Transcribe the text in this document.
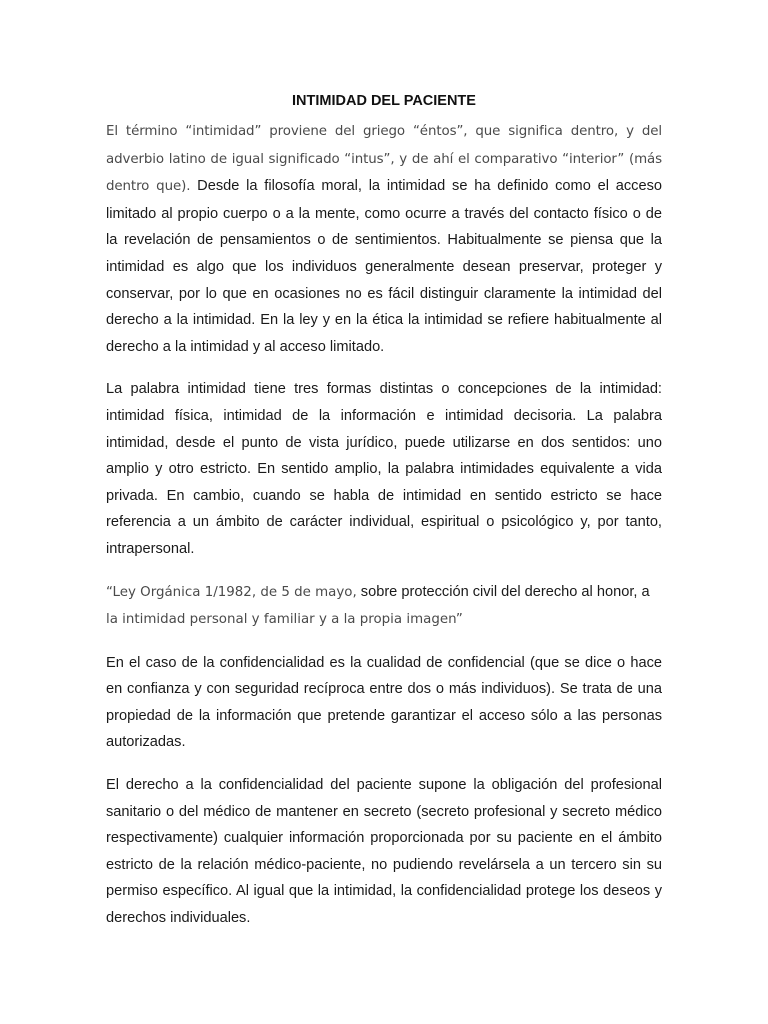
INTIMIDAD DEL PACIENTE

El término “intimidad” proviene del griego “éntos”, que significa dentro, y del adverbio latino de igual significado “intus”, y de ahí el comparativo “interior” (más dentro que). Desde la filosofía moral, la intimidad se ha definido como el acceso limitado al propio cuerpo o a la mente, como ocurre a través del contacto físico o de la revelación de pensamientos o de sentimientos. Habitualmente se piensa que la intimidad es algo que los individuos generalmente desean preservar, proteger y conservar, por lo que en ocasiones no es fácil distinguir claramente la intimidad del derecho a la intimidad. En la ley y en la ética la intimidad se refiere habitualmente al derecho a la intimidad y al acceso limitado.

La palabra intimidad tiene tres formas distintas o concepciones de la intimidad: intimidad física, intimidad de la información e intimidad decisoria. La palabra intimidad, desde el punto de vista jurídico, puede utilizarse en dos sentidos: uno amplio y otro estricto. En sentido amplio, la palabra intimidades equivalente a vida privada. En cambio, cuando se habla de intimidad en sentido estricto se hace referencia a un ámbito de carácter individual, espiritual o psicológico y, por tanto, intrapersonal.

“Ley Orgánica 1/1982, de 5 de mayo, sobre protección civil del derecho al honor, a
la intimidad personal y familiar y a la propia imagen”

En el caso de la confidencialidad es la cualidad de confidencial (que se dice o hace en confianza y con seguridad recíproca entre dos o más individuos). Se trata de una propiedad de la información que pretende garantizar el acceso sólo a las personas autorizadas.

El derecho a la confidencialidad del paciente supone la obligación del profesional sanitario o del médico de mantener en secreto (secreto profesional y secreto médico respectivamente) cualquier información proporcionada por su paciente en el ámbito estricto de la relación médico-paciente, no pudiendo revelársela a un tercero sin su permiso específico. Al igual que la intimidad, la confidencialidad protege los deseos y derechos individuales.
